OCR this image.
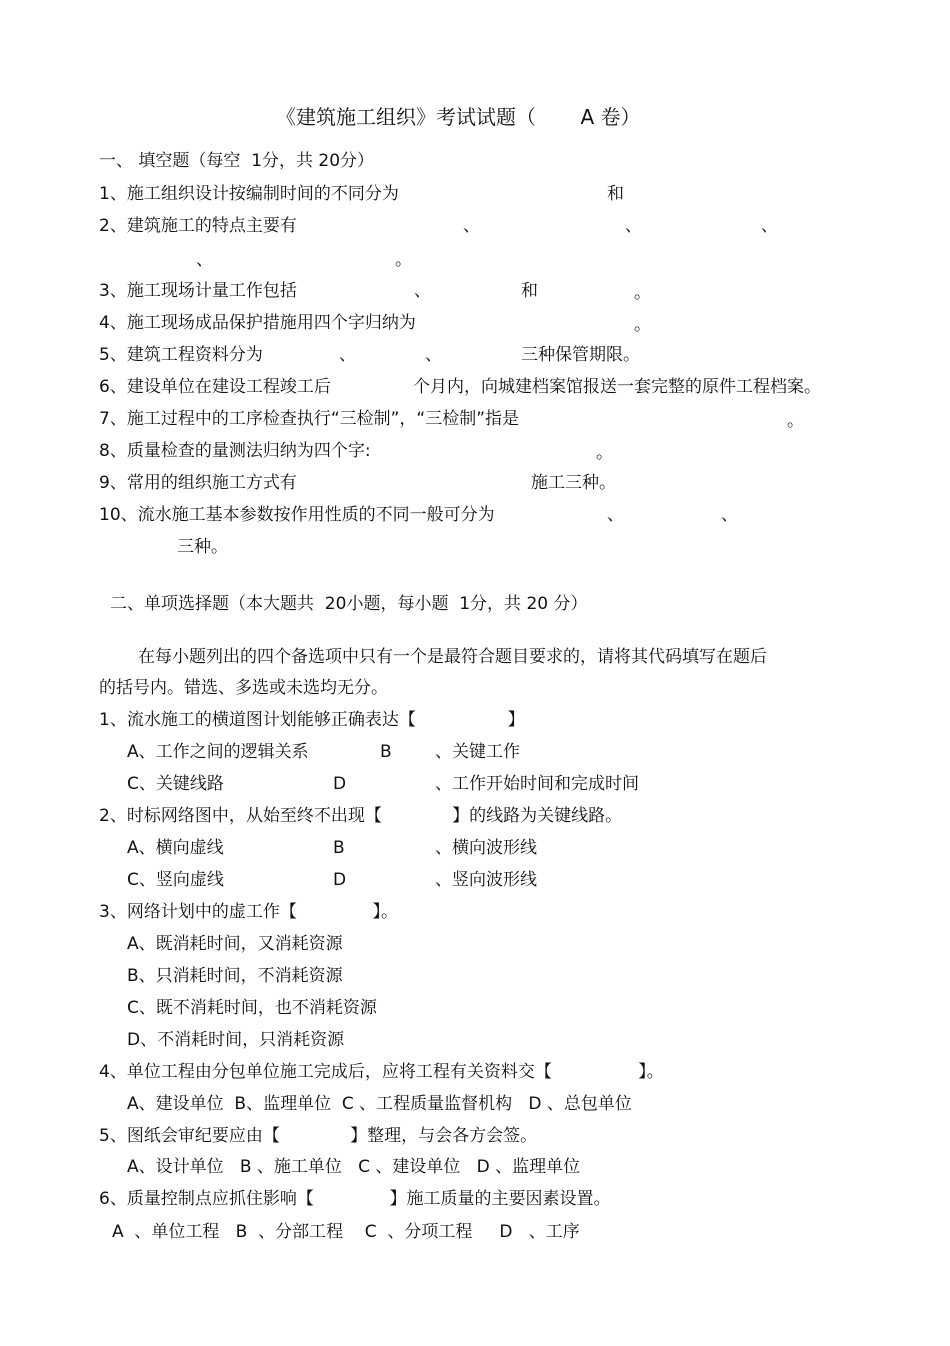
《建筑施工组织》考试试题（       A 卷）
一、 填空题（每空  1分，共 20分）
1、施工组织设计按编制时间的不同分为	和
2、建筑施工的特点主要有	、	、	、
、	。
3、施工现场计量工作包括	、	和	。
4、施工现场成品保护措施用四个字归纳为	。
5、建筑工程资料分为	、	、	三种保管期限。
6、建设单位在建设工程竣工后	个月内，向城建档案馆报送一套完整的原件工程档案。
7、施工过程中的工序检查执行“三检制”，“三检制”指是	。
8、质量检查的量测法归纳为四个字:	。
9、常用的组织施工方式有	施工三种。
10、流水施工基本参数按作用性质的不同一般可分为	、	、
三种。
二、单项选择题（本大题共  20小题，每小题  1分，共 20 分）
在每小题列出的四个备选项中只有一个是最符合题目要求的，请将其代码填写在题后
的括号内。错选、多选或未选均无分。
1、流水施工的横道图计划能够正确表达【                 】
A、工作之间的逻辑关系	B	、关键工作
C、关键线路	D	、工作开始时间和完成时间
2、时标网络图中，从始至终不出现【             】的线路为关键线路。
A、横向虚线	B	、横向波形线
C、竖向虚线	D	、竖向波形线
3、网络计划中的虚工作【              】。
A、既消耗时间，又消耗资源
B、只消耗时间，不消耗资源
C、既不消耗时间，也不消耗资源
D、不消耗时间，只消耗资源
4、单位工程由分包单位施工完成后，应将工程有关资料交【                】。
A、建设单位  B、监理单位  C 、工程质量监督机构   D 、总包单位
5、图纸会审纪要应由【             】整理，与会各方会签。
A、设计单位   B 、施工单位   C 、建设单位   D 、监理单位
6、质量控制点应抓住影响【              】施工质量的主要因素设置。
A  、单位工程   B  、分部工程    C  、分项工程     D   、工序
